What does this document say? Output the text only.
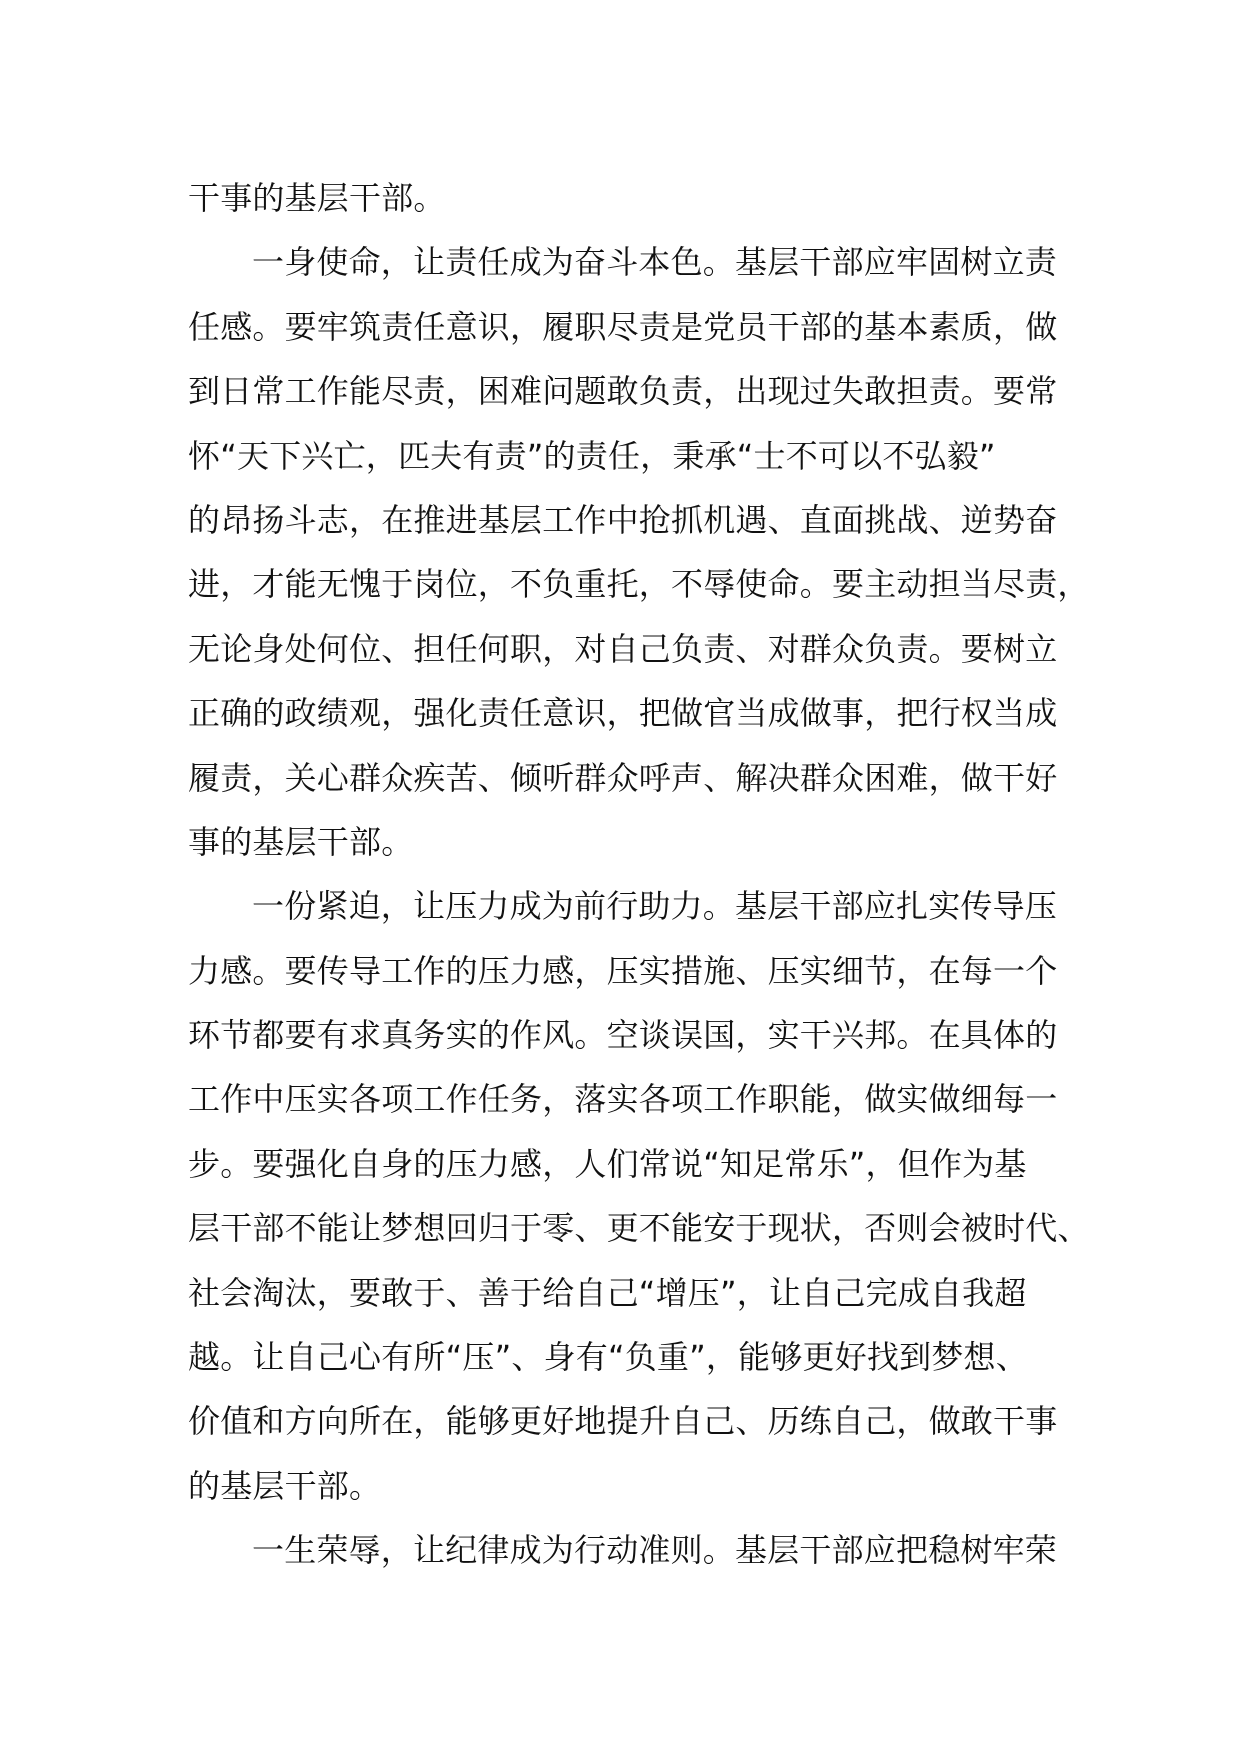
干事的基层干部。
一身使命，让责任成为奋斗本色。基层干部应牢固树立责
任感。要牢筑责任意识，履职尽责是党员干部的基本素质，做
到日常工作能尽责，困难问题敢负责，出现过失敢担责。要常
怀“天下兴亡，匹夫有责”的责任，秉承“士不可以不弘毅”
的昂扬斗志，在推进基层工作中抢抓机遇、直面挑战、逆势奋
进，才能无愧于岗位，不负重托，不辱使命。要主动担当尽责，
无论身处何位、担任何职，对自己负责、对群众负责。要树立
正确的政绩观，强化责任意识，把做官当成做事，把行权当成
履责，关心群众疾苦、倾听群众呼声、解决群众困难，做干好
事的基层干部。
一份紧迫，让压力成为前行助力。基层干部应扎实传导压
力感。要传导工作的压力感，压实措施、压实细节，在每一个
环节都要有求真务实的作风。空谈误国，实干兴邦。在具体的
工作中压实各项工作任务，落实各项工作职能，做实做细每一
步。要强化自身的压力感，人们常说“知足常乐”，但作为基
层干部不能让梦想回归于零、更不能安于现状，否则会被时代、
社会淘汰，要敢于、善于给自己“增压”，让自己完成自我超
越。让自己心有所“压”、身有“负重”，能够更好找到梦想、
价值和方向所在，能够更好地提升自己、历练自己，做敢干事
的基层干部。
一生荣辱，让纪律成为行动准则。基层干部应把稳树牢荣
